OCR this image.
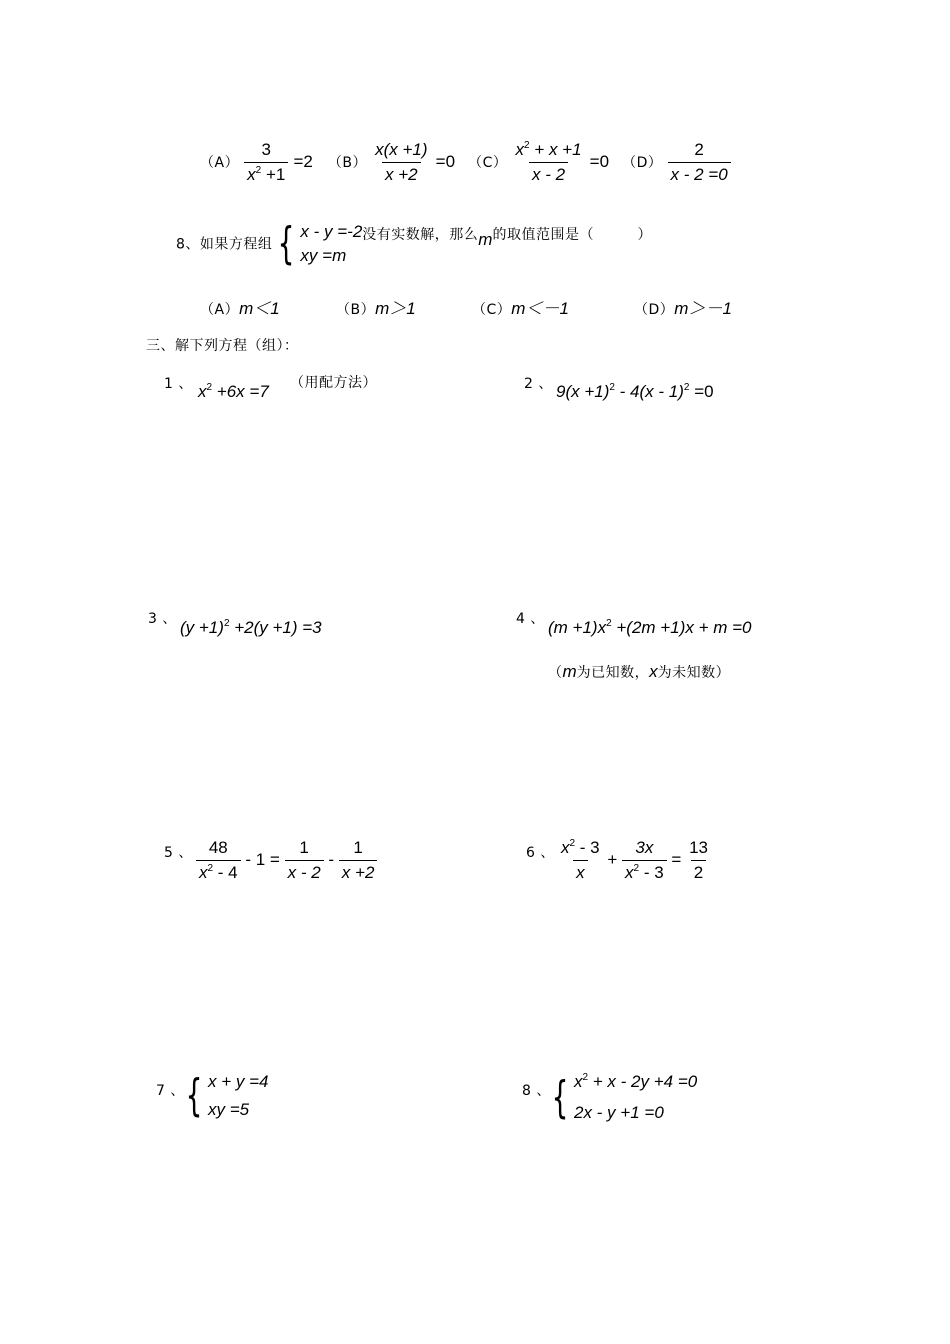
$(A) \frac{3}{x^2 +1} =2$ $(B) \frac{x(x +1)}{x +2} =0$ $(C) \frac{x^2 + x +1}{x - 2} =0$ $(D) \frac{2}{x - 2 =0}$
8、如果方程组 { x - y =-2
xy =m
没有实数解，那么m的取值范围是（　　　）
（A）m＜1	（B）m＞1	（C）m＜－1	（D）m＞－1
三、解下列方程（组）：
1 、 $x^2 +6x =7$ （用配方法）	2 、 $9(x +1)^2 - 4(x - 1)^2 =0$
3 、 $(y +1)^2 +2(y +1) =3$	4 、 $(m +1)x^2 +(2m +1)x + m =0$
（m为已知数，x为未知数）
5 、 $\frac{48}{x^2 - 4} - 1 = \frac{1}{x - 2} - \frac{1}{x +2}$	6 、 $\frac{x^2 - 3}{x} + \frac{3x}{x^2 - 3} = \frac{13}{2}$
7 、 { x + y =4
xy =5
8 、 { $x^2 + x - 2y +4 =0$
2x - y +1 =0
